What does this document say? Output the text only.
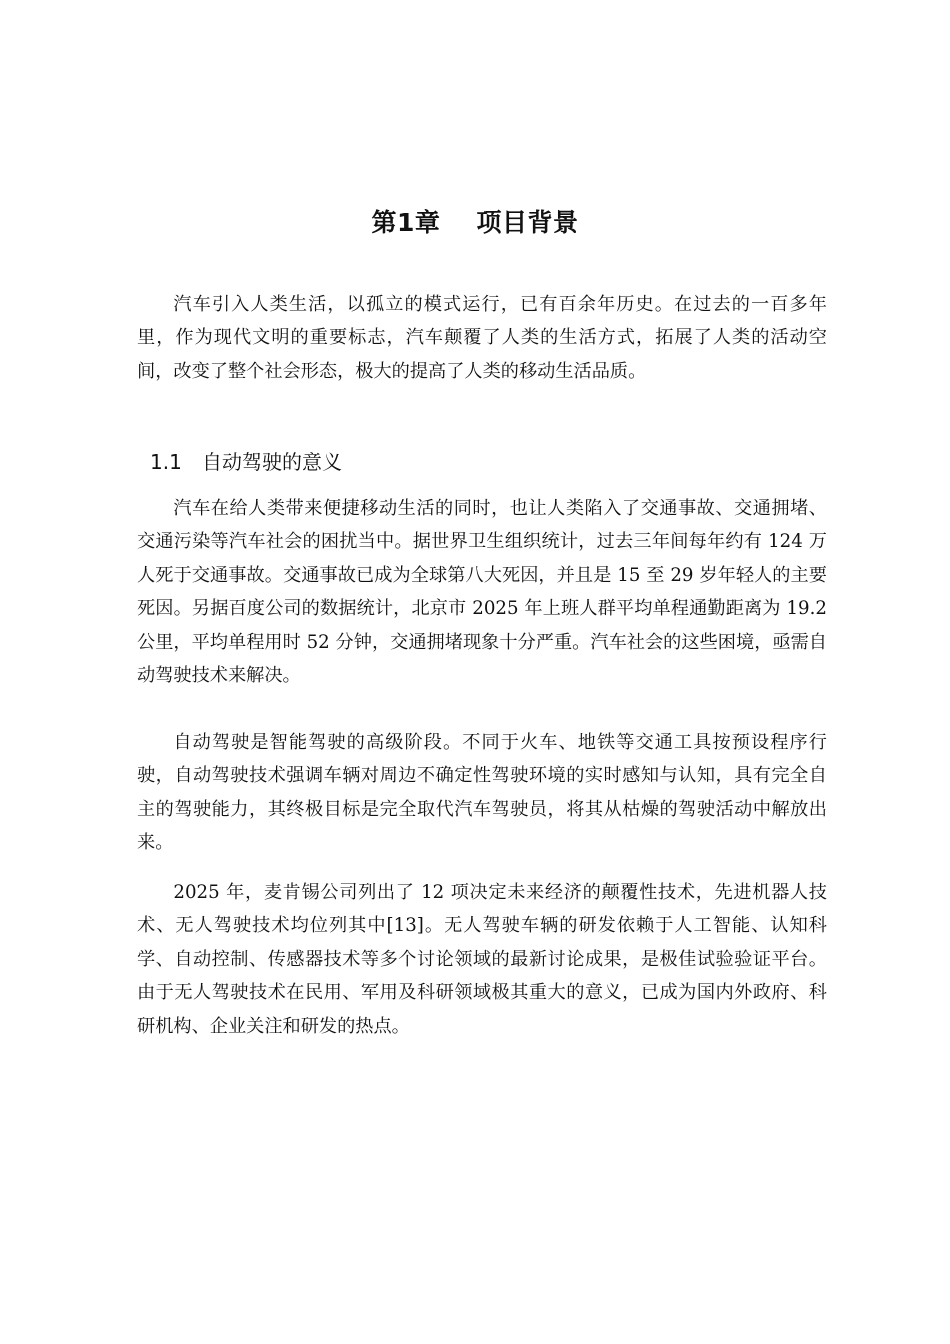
第1章 项目背景

汽车引入人类生活，以孤立的模式运行，已有百余年历史。在过去的一百多年里，作为现代文明的重要标志，汽车颠覆了人类的生活方式，拓展了人类的活动空间，改变了整个社会形态，极大的提高了人类的移动生活品质。

1.1 自动驾驶的意义

汽车在给人类带来便捷移动生活的同时，也让人类陷入了交通事故、交通拥堵、交通污染等汽车社会的困扰当中。据世界卫生组织统计，过去三年间每年约有 124 万人死于交通事故。交通事故已成为全球第八大死因，并且是 15 至 29 岁年轻人的主要死因。另据百度公司的数据统计，北京市 2025 年上班人群平均单程通勤距离为 19.2 公里，平均单程用时 52 分钟，交通拥堵现象十分严重。汽车社会的这些困境，亟需自动驾驶技术来解决。

自动驾驶是智能驾驶的高级阶段。不同于火车、地铁等交通工具按预设程序行驶，自动驾驶技术强调车辆对周边不确定性驾驶环境的实时感知与认知，具有完全自主的驾驶能力，其终极目标是完全取代汽车驾驶员，将其从枯燥的驾驶活动中解放出来。

2025 年，麦肯锡公司列出了 12 项决定未来经济的颠覆性技术，先进机器人技术、无人驾驶技术均位列其中[13]。无人驾驶车辆的研发依赖于人工智能、认知科学、自动控制、传感器技术等多个讨论领域的最新讨论成果，是极佳试验验证平台。由于无人驾驶技术在民用、军用及科研领域极其重大的意义，已成为国内外政府、科研机构、企业关注和研发的热点。
